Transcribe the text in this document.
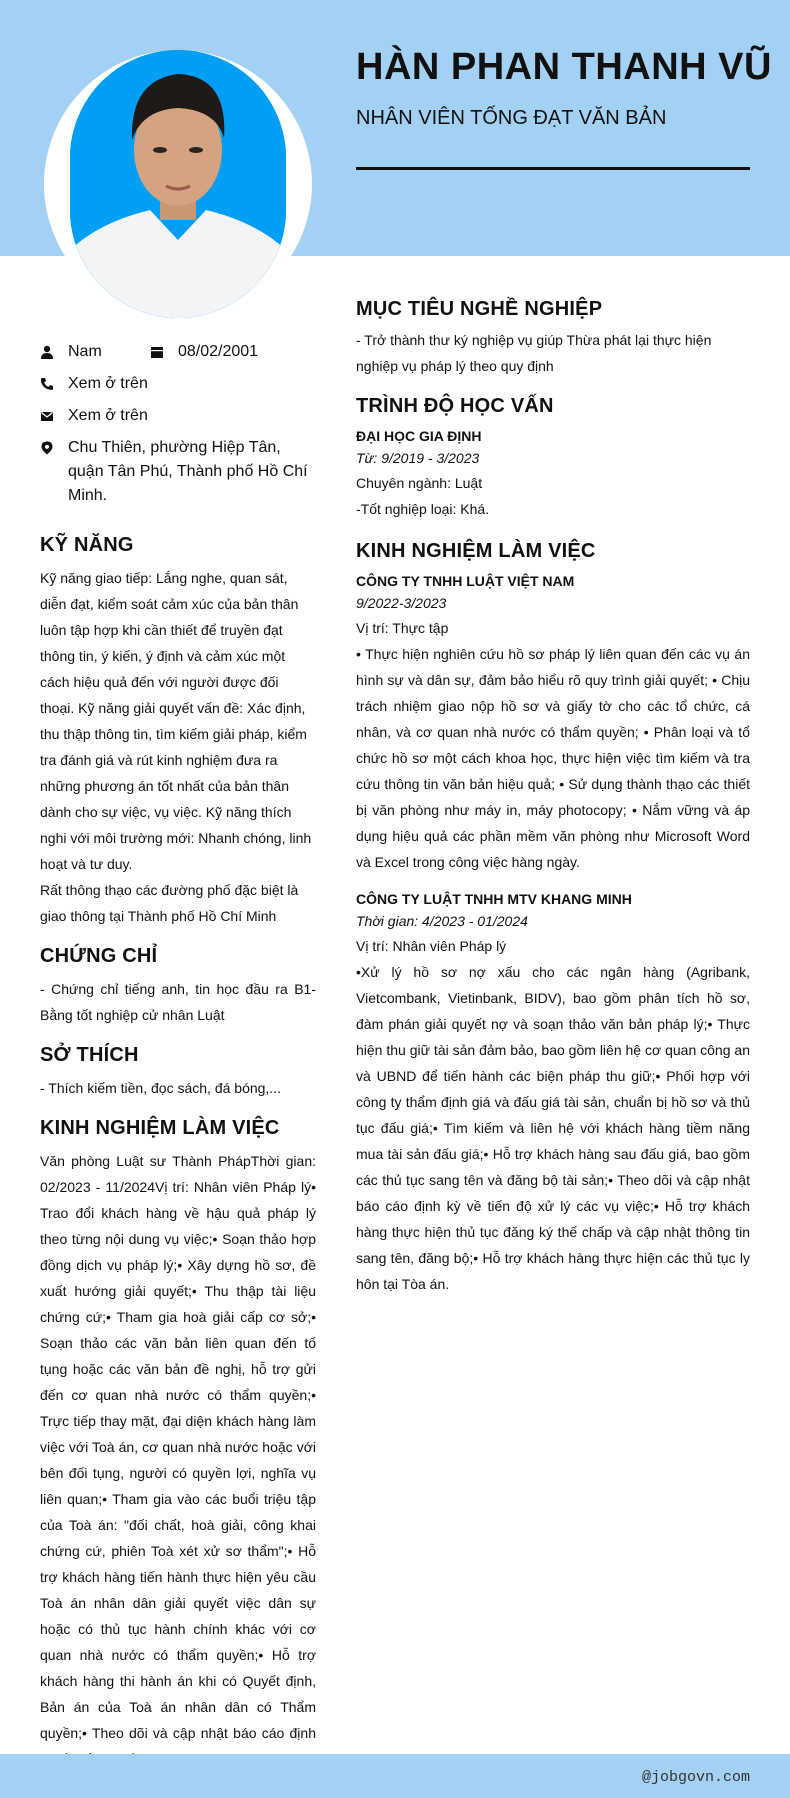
HÀN PHAN THANH VŨ
NHÂN VIÊN TỐNG ĐẠT VĂN BẢN
Nam	08/02/2001
Xem ở trên
Xem ở trên
Chu Thiên, phường Hiệp Tân, quận Tân Phú, Thành phố Hồ Chí Minh.
KỸ NĂNG

Kỹ năng giao tiếp: Lắng nghe, quan sát, diễn đạt, kiểm soát cảm xúc của bản thân luôn tập hợp khi cần thiết để truyền đạt thông tin, ý kiến, ý định và cảm xúc một cách hiệu quả đến với người được đối thoại. Kỹ năng giải quyết vấn đề: Xác định, thu thập thông tin, tìm kiếm giải pháp, kiểm tra đánh giá và rút kinh nghiệm đưa ra những phương án tốt nhất của bản thân dành cho sự việc, vụ việc. Kỹ năng thích nghi với môi trường mới: Nhanh chóng, linh hoạt và tư duy.

Rất thông thạo các đường phố đặc biệt là giao thông tại Thành phố Hồ Chí Minh

CHỨNG CHỈ

- Chứng chỉ tiếng anh, tin học đầu ra B1-Bằng tốt nghiệp cử nhân Luật

SỞ THÍCH

- Thích kiếm tiền, đọc sách, đá bóng,...

KINH NGHIỆM LÀM VIỆC

Văn phòng Luật sư Thành PhápThời gian: 02/2023 - 11/2024Vị trí: Nhân viên Pháp lý• Trao đổi khách hàng về hậu quả pháp lý theo từng nội dung vụ việc;• Soạn thảo hợp đồng dịch vụ pháp lý;• Xây dựng hồ sơ, đề xuất hướng giải quyết;• Thu thập tài liệu chứng cứ;• Tham gia hoà giải cấp cơ sở;• Soạn thảo các văn bản liên quan đến tố tụng hoặc các văn bản đề nghị, hỗ trợ gửi đến cơ quan nhà nước có thẩm quyền;• Trực tiếp thay mặt, đại diện khách hàng làm việc với Toà án, cơ quan nhà nước hoặc với bên đối tụng, người có quyền lợi, nghĩa vụ liên quan;• Tham gia vào các buổi triệu tập của Toà án: "đối chất, hoà giải, công khai chứng cứ, phiên Toà xét xử sơ thẩm";• Hỗ trợ khách hàng tiến hành thực hiện yêu cầu Toà án nhân dân giải quyết việc dân sự hoặc có thủ tục hành chính khác với cơ quan nhà nước có thẩm quyền;• Hỗ trợ khách hàng thi hành án khi có Quyết định, Bản án của Toà án nhân dân có Thẩm quyền;• Theo dõi và cập nhật báo cáo định

MỤC TIÊU NGHỀ NGHIỆP

- Trở thành thư ký nghiệp vụ giúp Thừa phát lại thực hiện nghiệp vụ pháp lý theo quy định

TRÌNH ĐỘ HỌC VẤN

ĐẠI HỌC GIA ĐỊNH

Từ: 9/2019 - 3/2023

Chuyên ngành: Luật

-Tốt nghiệp loại: Khá.

KINH NGHIỆM LÀM VIỆC

CÔNG TY TNHH LUẬT VIỆT NAM

9/2022-3/2023

Vị trí: Thực tập

• Thực hiện nghiên cứu hồ sơ pháp lý liên quan đến các vụ án hình sự và dân sự, đảm bảo hiểu rõ quy trình giải quyết; • Chịu trách nhiệm giao nộp hồ sơ và giấy tờ cho các tổ chức, cá nhân, và cơ quan nhà nước có thẩm quyền; • Phân loại và tổ chức hồ sơ một cách khoa học, thực hiện việc tìm kiếm và tra cứu thông tin văn bản hiệu quả; • Sử dụng thành thạo các thiết bị văn phòng như máy in, máy photocopy; • Nắm vững và áp dụng hiệu quả các phần mềm văn phòng như Microsoft Word và Excel trong công việc hàng ngày.

CÔNG TY LUẬT TNHH MTV KHANG MINH

Thời gian: 4/2023 - 01/2024

Vị trí: Nhân viên Pháp lý

•Xử lý hồ sơ nợ xấu cho các ngân hàng (Agribank, Vietcombank, Vietinbank, BIDV), bao gồm phân tích hồ sơ, đàm phán giải quyết nợ và soạn thảo văn bản pháp lý;• Thực hiện thu giữ tài sản đảm bảo, bao gồm liên hệ cơ quan công an và UBND để tiến hành các biện pháp thu giữ;• Phối hợp với công ty thẩm định giá và đấu giá tài sản, chuẩn bị hồ sơ và thủ tục đấu giá;• Tìm kiếm và liên hệ với khách hàng tiềm năng mua tài sản đấu giá;• Hỗ trợ khách hàng sau đấu giá, bao gồm các thủ tục sang tên và đăng bộ tài sản;• Theo dõi và cập nhật báo cáo định kỳ về tiến độ xử lý các vụ việc;• Hỗ trợ khách hàng thực hiện thủ tục đăng ký thế chấp và cập nhật thông tin sang tên, đăng bộ;• Hỗ trợ khách hàng thực hiện các thủ tục ly hôn tại Tòa án.

@jobgovn.com
